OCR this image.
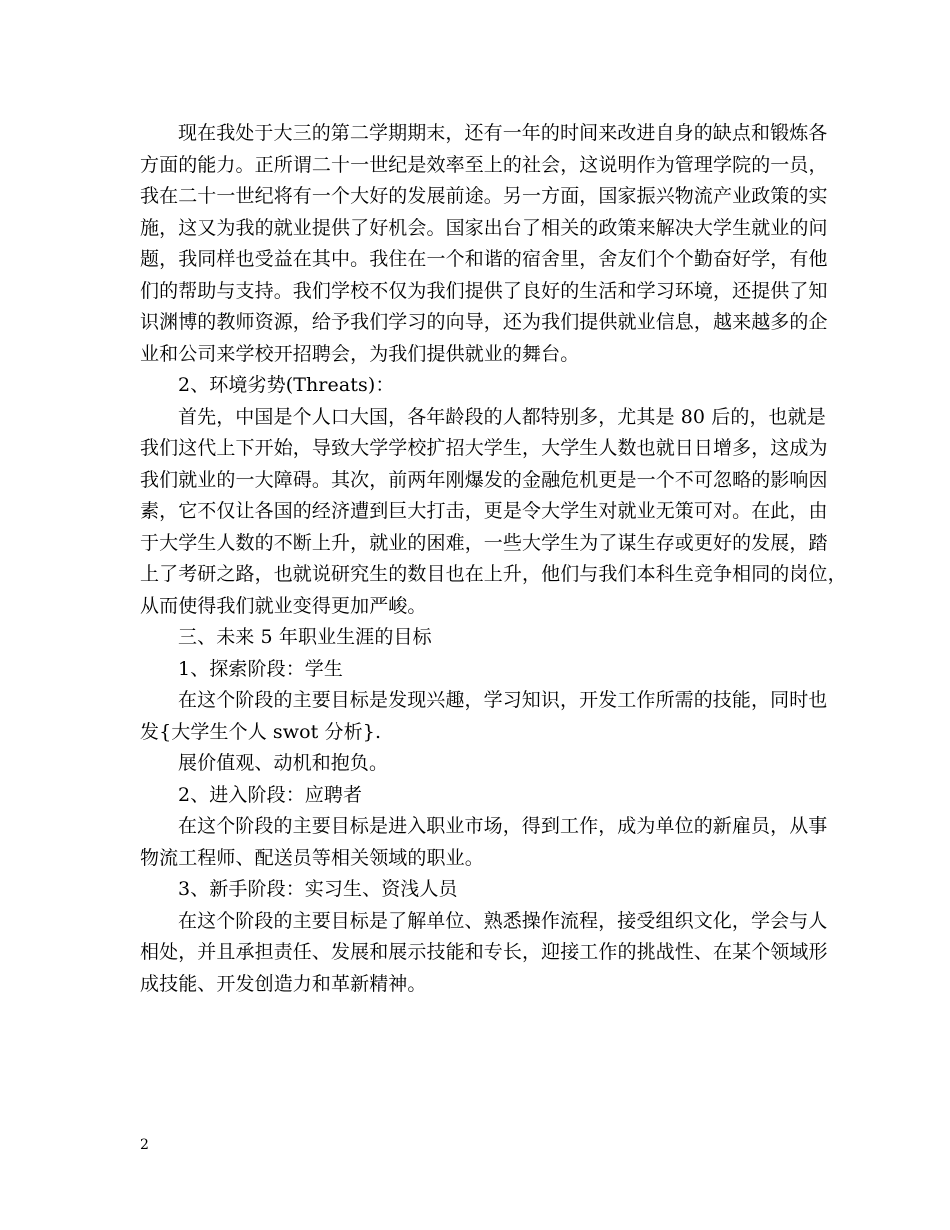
现在我处于大三的第二学期期末，还有一年的时间来改进自身的缺点和锻炼各
方面的能力。正所谓二十一世纪是效率至上的社会，这说明作为管理学院的一员，
我在二十一世纪将有一个大好的发展前途。另一方面，国家振兴物流产业政策的实
施，这又为我的就业提供了好机会。国家出台了相关的政策来解决大学生就业的问
题，我同样也受益在其中。我住在一个和谐的宿舍里，舍友们个个勤奋好学，有他
们的帮助与支持。我们学校不仅为我们提供了良好的生活和学习环境，还提供了知
识渊博的教师资源，给予我们学习的向导，还为我们提供就业信息，越来越多的企
业和公司来学校开招聘会，为我们提供就业的舞台。
2、环境劣势(Threats)：
首先，中国是个人口大国，各年龄段的人都特别多，尤其是 80 后的，也就是
我们这代上下开始，导致大学学校扩招大学生，大学生人数也就日日增多，这成为
我们就业的一大障碍。其次，前两年刚爆发的金融危机更是一个不可忽略的影响因
素，它不仅让各国的经济遭到巨大打击，更是令大学生对就业无策可对。在此，由
于大学生人数的不断上升，就业的困难，一些大学生为了谋生存或更好的发展，踏
上了考研之路，也就说研究生的数目也在上升，他们与我们本科生竞争相同的岗位，
从而使得我们就业变得更加严峻。
三、未来 5 年职业生涯的目标
1、探索阶段：学生
在这个阶段的主要目标是发现兴趣，学习知识，开发工作所需的技能，同时也
发{大学生个人 swot 分析}.
展价值观、动机和抱负。
2、进入阶段：应聘者
在这个阶段的主要目标是进入职业市场，得到工作，成为单位的新雇员，从事
物流工程师、配送员等相关领域的职业。
3、新手阶段：实习生、资浅人员
在这个阶段的主要目标是了解单位、熟悉操作流程，接受组织文化，学会与人
相处，并且承担责任、发展和展示技能和专长，迎接工作的挑战性、在某个领域形
成技能、开发创造力和革新精神。
2
